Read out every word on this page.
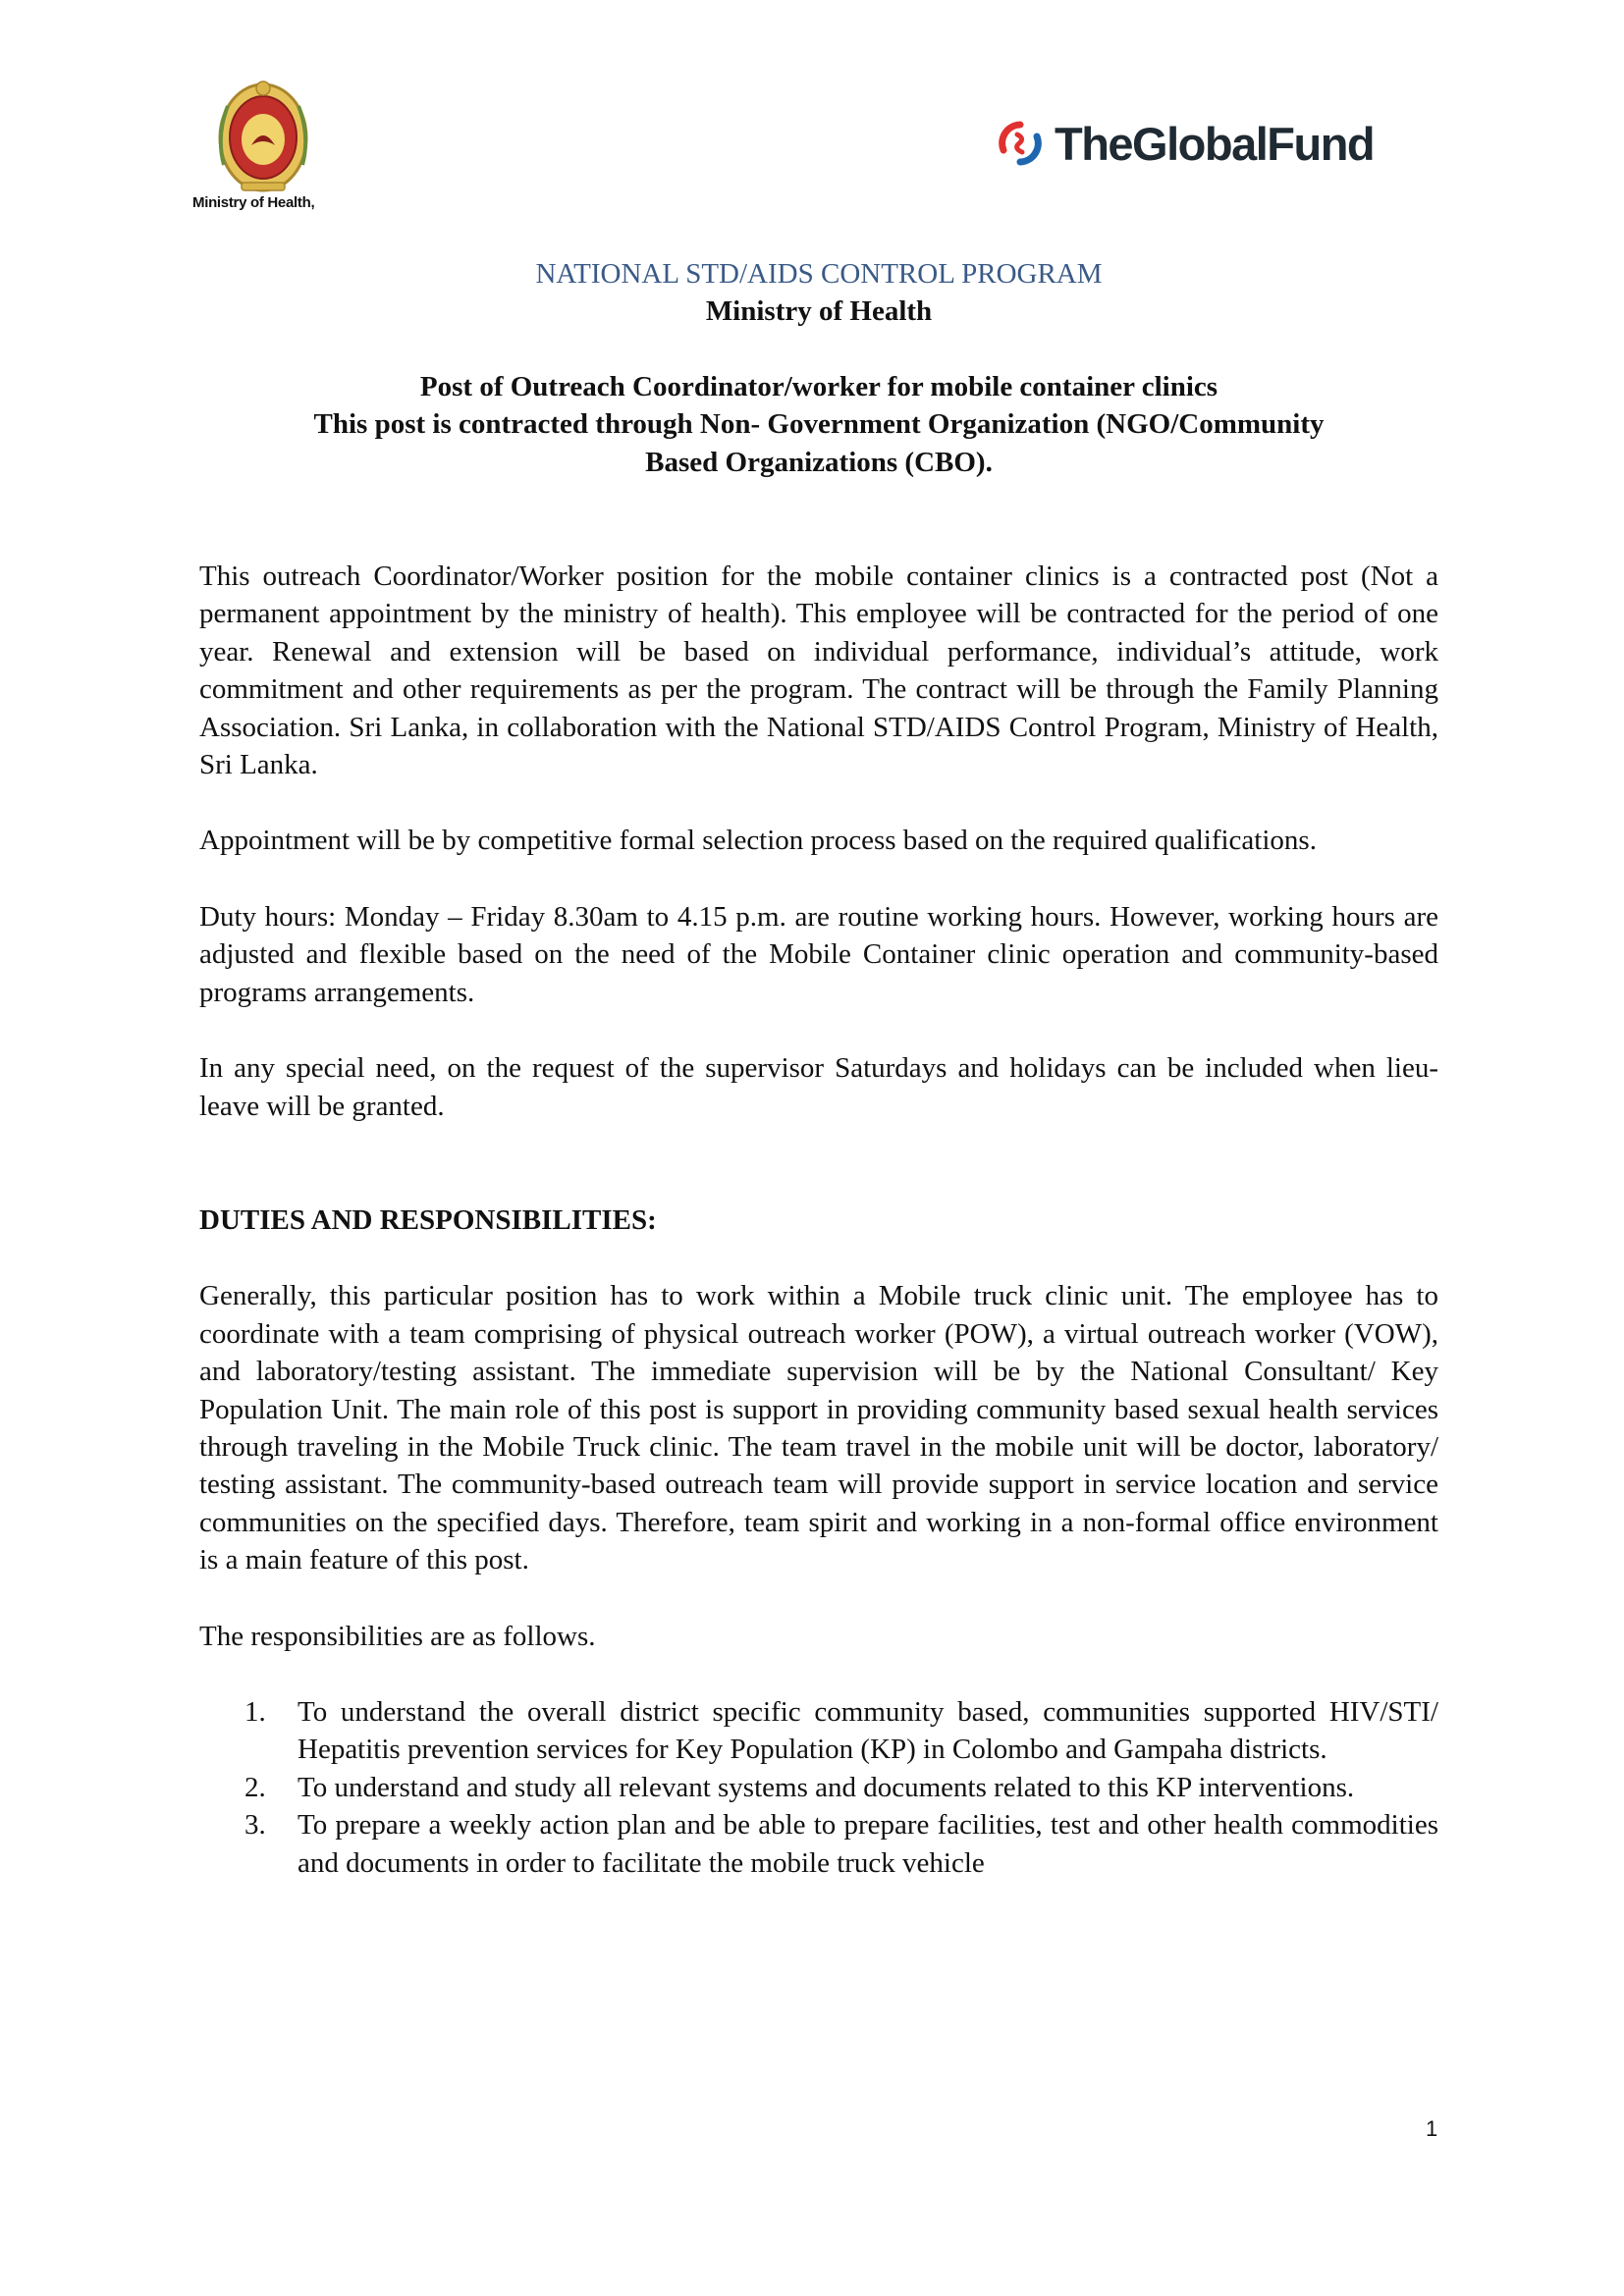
Ministry of Health,
TheGlobalFund

NATIONAL STD/AIDS CONTROL PROGRAM

Ministry of Health

Post of Outreach Coordinator/worker for mobile container clinics

This post is contracted through Non- Government Organization (NGO/Community

Based Organizations (CBO).

This outreach Coordinator/Worker position for the mobile container clinics is a contracted post (Not a permanent appointment by the ministry of health). This employee will be contracted for the period of one year. Renewal and extension will be based on individual performance, individual’s attitude, work commitment and other requirements as per the program. The contract will be through the Family Planning Association. Sri Lanka, in collaboration with the National STD/AIDS Control Program, Ministry of Health, Sri Lanka.

Appointment will be by competitive formal selection process based on the required qualifications.

Duty hours: Monday – Friday 8.30am to 4.15 p.m. are routine working hours. However, working hours are adjusted and flexible based on the need of the Mobile Container clinic operation and community-based programs arrangements.

In any special need, on the request of the supervisor Saturdays and holidays can be included when lieu- leave will be granted.

DUTIES AND RESPONSIBILITIES:

Generally, this particular position has to work within a Mobile truck clinic unit. The employee has to coordinate with a team comprising of physical outreach worker (POW), a virtual outreach worker (VOW), and laboratory/testing assistant. The immediate supervision will be by the National Consultant/ Key Population Unit. The main role of this post is support in providing community based sexual health services through traveling in the Mobile Truck clinic. The team travel in the mobile unit will be doctor, laboratory/ testing assistant. The community-based outreach team will provide support in service location and service communities on the specified days. Therefore, team spirit and working in a non-formal office environment is a main feature of this post.

The responsibilities are as follows.

1. To understand the overall district specific community based, communities supported HIV/STI/ Hepatitis prevention services for Key Population (KP) in Colombo and Gampaha districts.
2. To understand and study all relevant systems and documents related to this KP interventions.
3. To prepare a weekly action plan and be able to prepare facilities, test and other health commodities and documents in order to facilitate the mobile truck vehicle
1
